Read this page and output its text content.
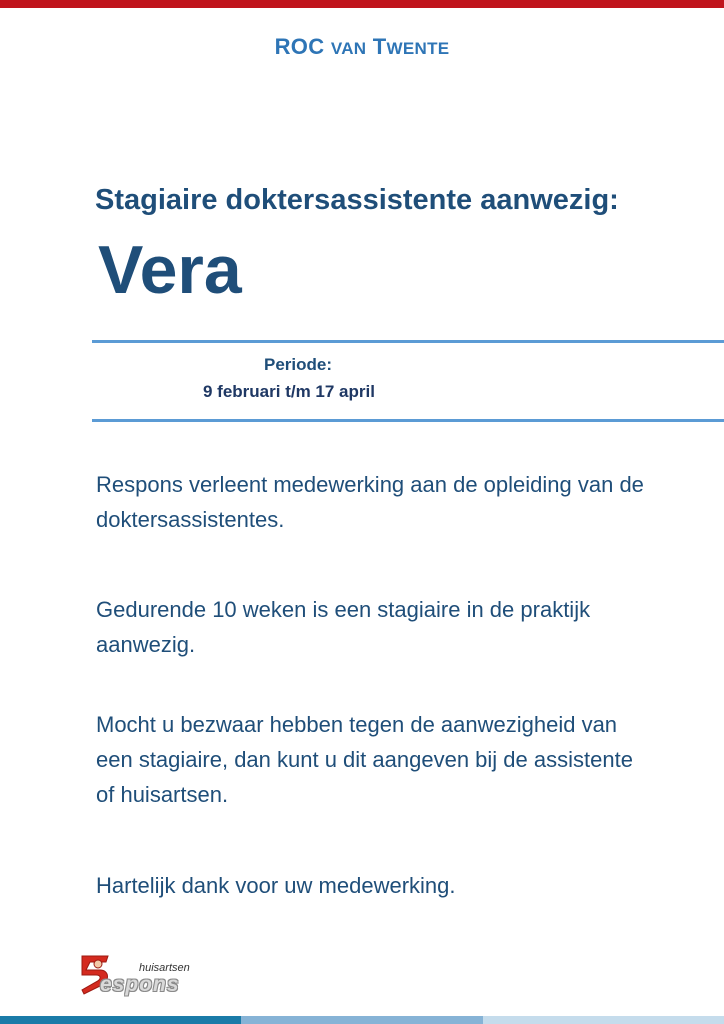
ROC VAN TWENTE
Stagiaire doktersassistente aanwezig:
Vera
Periode:
9 februari t/m 17 april
Respons verleent medewerking aan de opleiding van de doktersassistentes.
Gedurende 10 weken is een stagiaire in de praktijk aanwezig.
Mocht u bezwaar hebben tegen de aanwezigheid van een stagiaire, dan kunt u dit aangeven bij de assistente of huisartsen.
Hartelijk dank voor uw medewerking.
huisartsen
espons
